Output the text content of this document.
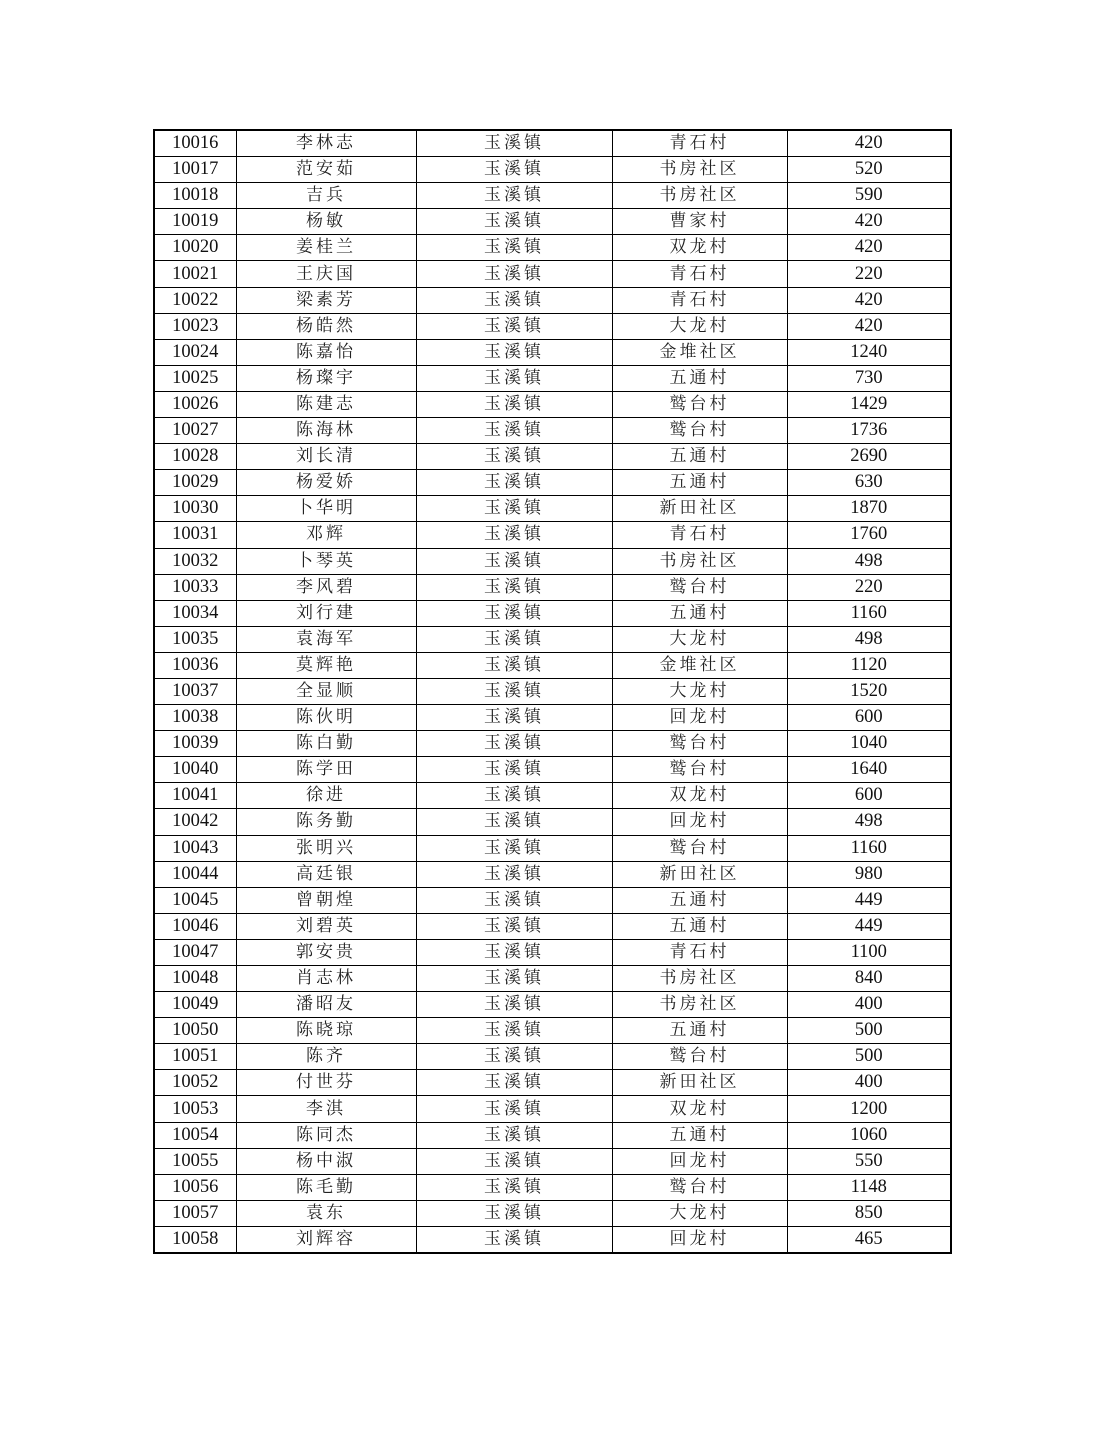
10016	李林志	玉溪镇	青石村	420
10017	范安茹	玉溪镇	书房社区	520
10018	吉兵	玉溪镇	书房社区	590
10019	杨敏	玉溪镇	曹家村	420
10020	姜桂兰	玉溪镇	双龙村	420
10021	王庆国	玉溪镇	青石村	220
10022	梁素芳	玉溪镇	青石村	420
10023	杨皓然	玉溪镇	大龙村	420
10024	陈嘉怡	玉溪镇	金堆社区	1240
10025	杨璨宇	玉溪镇	五通村	730
10026	陈建志	玉溪镇	鹫台村	1429
10027	陈海林	玉溪镇	鹫台村	1736
10028	刘长清	玉溪镇	五通村	2690
10029	杨爱娇	玉溪镇	五通村	630
10030	卜华明	玉溪镇	新田社区	1870
10031	邓辉	玉溪镇	青石村	1760
10032	卜琴英	玉溪镇	书房社区	498
10033	李风碧	玉溪镇	鹫台村	220
10034	刘行建	玉溪镇	五通村	1160
10035	袁海军	玉溪镇	大龙村	498
10036	莫辉艳	玉溪镇	金堆社区	1120
10037	全显顺	玉溪镇	大龙村	1520
10038	陈伙明	玉溪镇	回龙村	600
10039	陈白勤	玉溪镇	鹫台村	1040
10040	陈学田	玉溪镇	鹫台村	1640
10041	徐进	玉溪镇	双龙村	600
10042	陈务勤	玉溪镇	回龙村	498
10043	张明兴	玉溪镇	鹫台村	1160
10044	高廷银	玉溪镇	新田社区	980
10045	曾朝煌	玉溪镇	五通村	449
10046	刘碧英	玉溪镇	五通村	449
10047	郭安贵	玉溪镇	青石村	1100
10048	肖志林	玉溪镇	书房社区	840
10049	潘昭友	玉溪镇	书房社区	400
10050	陈晓琼	玉溪镇	五通村	500
10051	陈齐	玉溪镇	鹫台村	500
10052	付世芬	玉溪镇	新田社区	400
10053	李淇	玉溪镇	双龙村	1200
10054	陈同杰	玉溪镇	五通村	1060
10055	杨中淑	玉溪镇	回龙村	550
10056	陈毛勤	玉溪镇	鹫台村	1148
10057	袁东	玉溪镇	大龙村	850
10058	刘辉容	玉溪镇	回龙村	465
